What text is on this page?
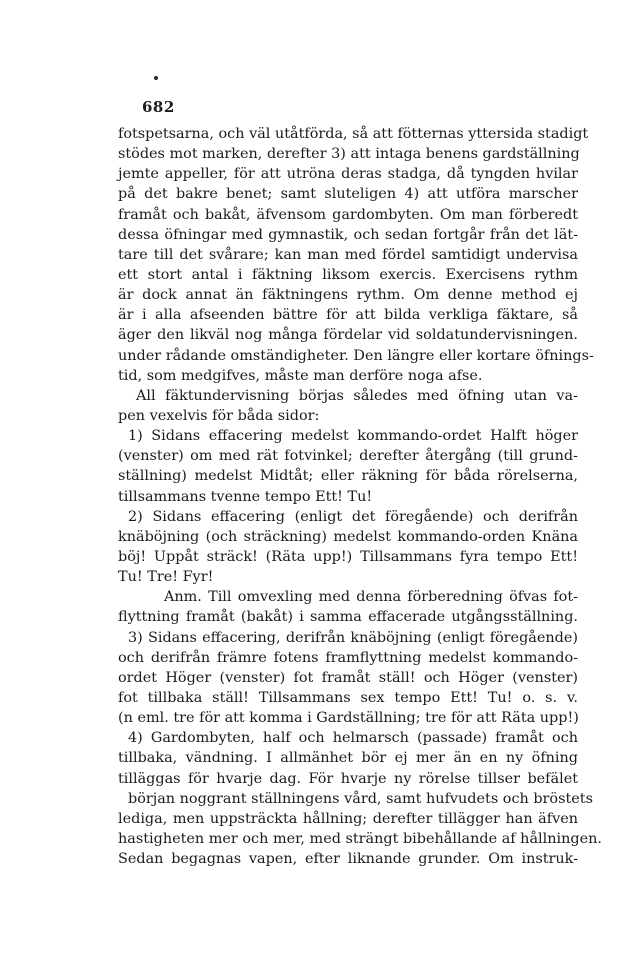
682
fotspetsarna, och väl utåtförda, så att fötternas yttersida stadigt
stödes mot marken, derefter 3) att intaga benens gardställning
jemte appeller, för att utröna deras stadga, då tyngden hvilar
på det bakre benet; samt sluteligen 4) att utföra marscher
framåt och bakåt, äfvensom gardombyten. Om man förberedt
dessa öfningar med gymnastik, och sedan fortgår från det lät-
tare till det svårare; kan man med fördel samtidigt undervisa
ett stort antal i fäktning liksom exercis. Exercisens rythm
är dock annat än fäktningens rythm. Om denne method ej
är i alla afseenden bättre för att bilda verkliga fäktare, så
äger den likväl nog många fördelar vid soldatundervisningen.
under rådande omständigheter. Den längre eller kortare öfnings-
tid, som medgifves, måste man derföre noga afse.
All fäktundervisning börjas således med öfning utan va-
pen vexelvis för båda sidor:
1) Sidans effacering medelst kommando-ordet Halft höger
(venster) om med rät fotvinkel; derefter återgång (till grund-
ställning) medelst Midtåt; eller räkning för båda rörelserna,
tillsammans tvenne tempo Ett! Tu!
2) Sidans effacering (enligt det föregående) och derifrån
knäböjning (och sträckning) medelst kommando-orden Knäna
böj! Uppåt sträck! (Räta upp!) Tillsammans fyra tempo Ett!
Tu! Tre! Fyr!
Anm. Till omvexling med denna förberedning öfvas fot-
flyttning framåt (bakåt) i samma effacerade utgångsställning.
3) Sidans effacering, derifrån knäböjning (enligt föregående)
och derifrån främre fotens framflyttning medelst kommando-
ordet Höger (venster) fot framåt ställ! och Höger (venster)
fot tillbaka ställ! Tillsammans sex tempo Ett! Tu! o. s. v.
(n eml. tre för att komma i Gardställning; tre för att Räta upp!)
4) Gardombyten, half och helmarsch (passade) framåt och
tillbaka, vändning. I allmänhet bör ej mer än en ny öfning
tilläggas för hvarje dag. För hvarje ny rörelse tillser befälet
början noggrant ställningens vård, samt hufvudets och bröstets
lediga, men uppsträckta hållning; derefter tillägger han äfven
hastigheten mer och mer, med strängt bibehållande af hållningen.
Sedan begagnas vapen, efter liknande grunder. Om instruk-
